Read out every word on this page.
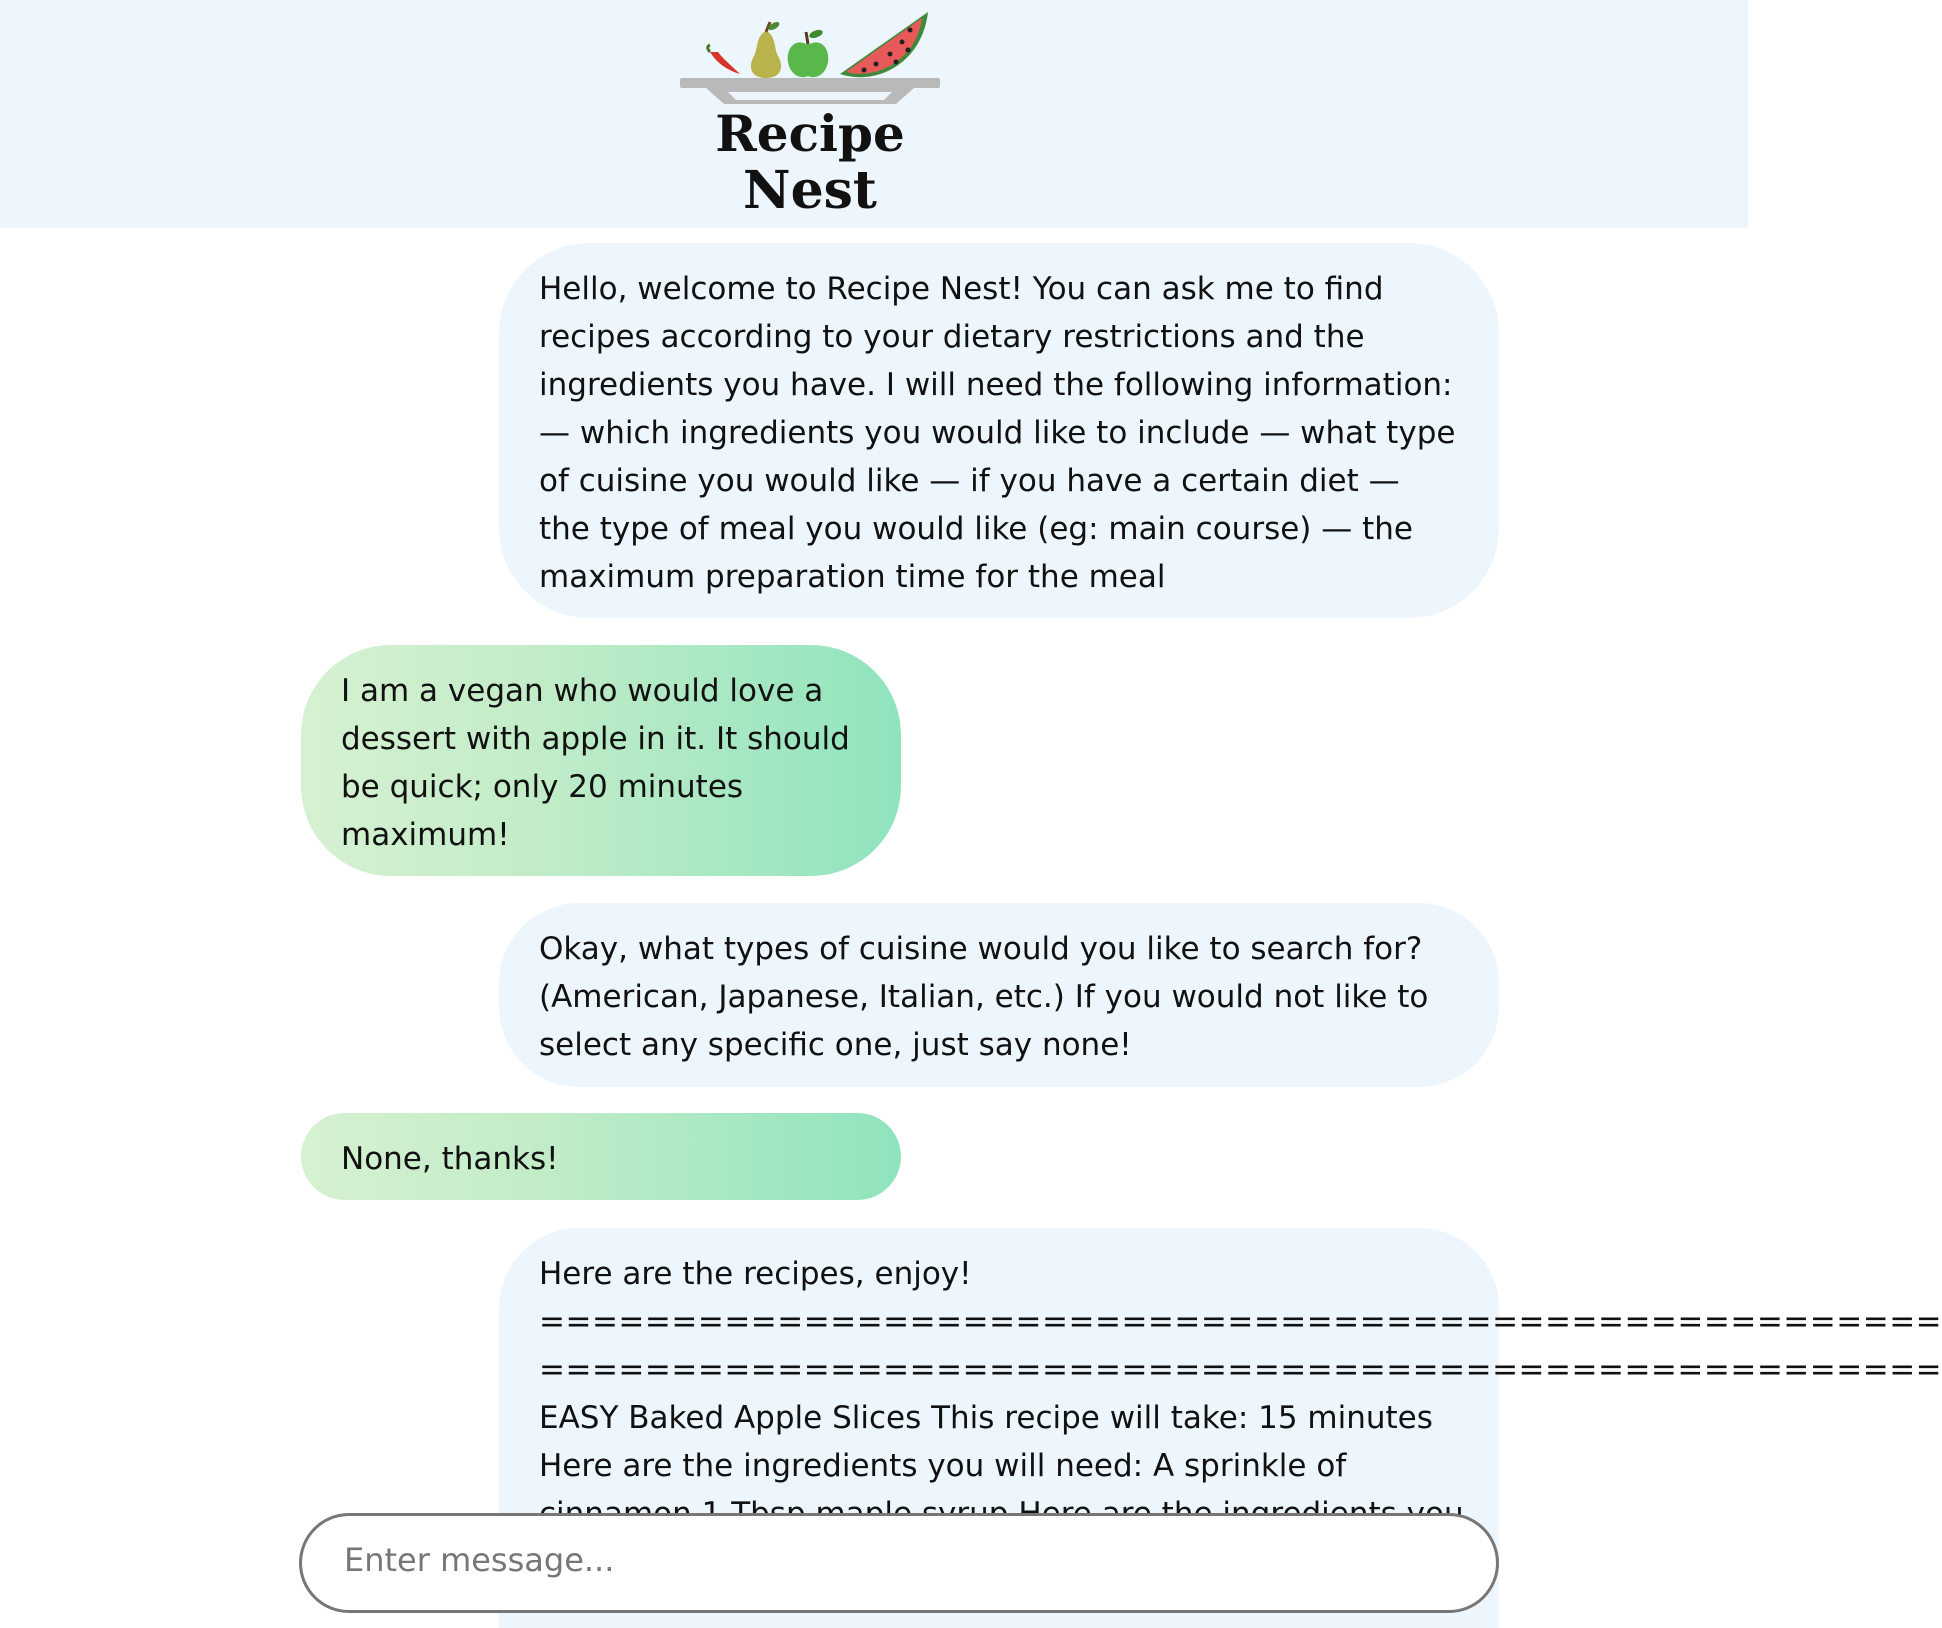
Recipe
Nest
Hello, welcome to Recipe Nest! You can ask me to find recipes according to your dietary restrictions and the ingredients you have. I will need the following information: — which ingredients you would like to include — what type of cuisine you would like — if you have a certain diet — the type of meal you would like (eg: main course) — the maximum preparation time for the meal
I am a vegan who would love a dessert with apple in it. It should be quick; only 20 minutes maximum!
Okay, what types of cuisine would you like to search for? (American, Japanese, Italian, etc.) If you would not like to select any specific one, just say none!
None, thanks!
Here are the recipes, enjoy!
=====================================================
=====================================================
EASY Baked Apple Slices This recipe will take: 15 minutes
Here are the ingredients you will need: A sprinkle of
Enter message...
